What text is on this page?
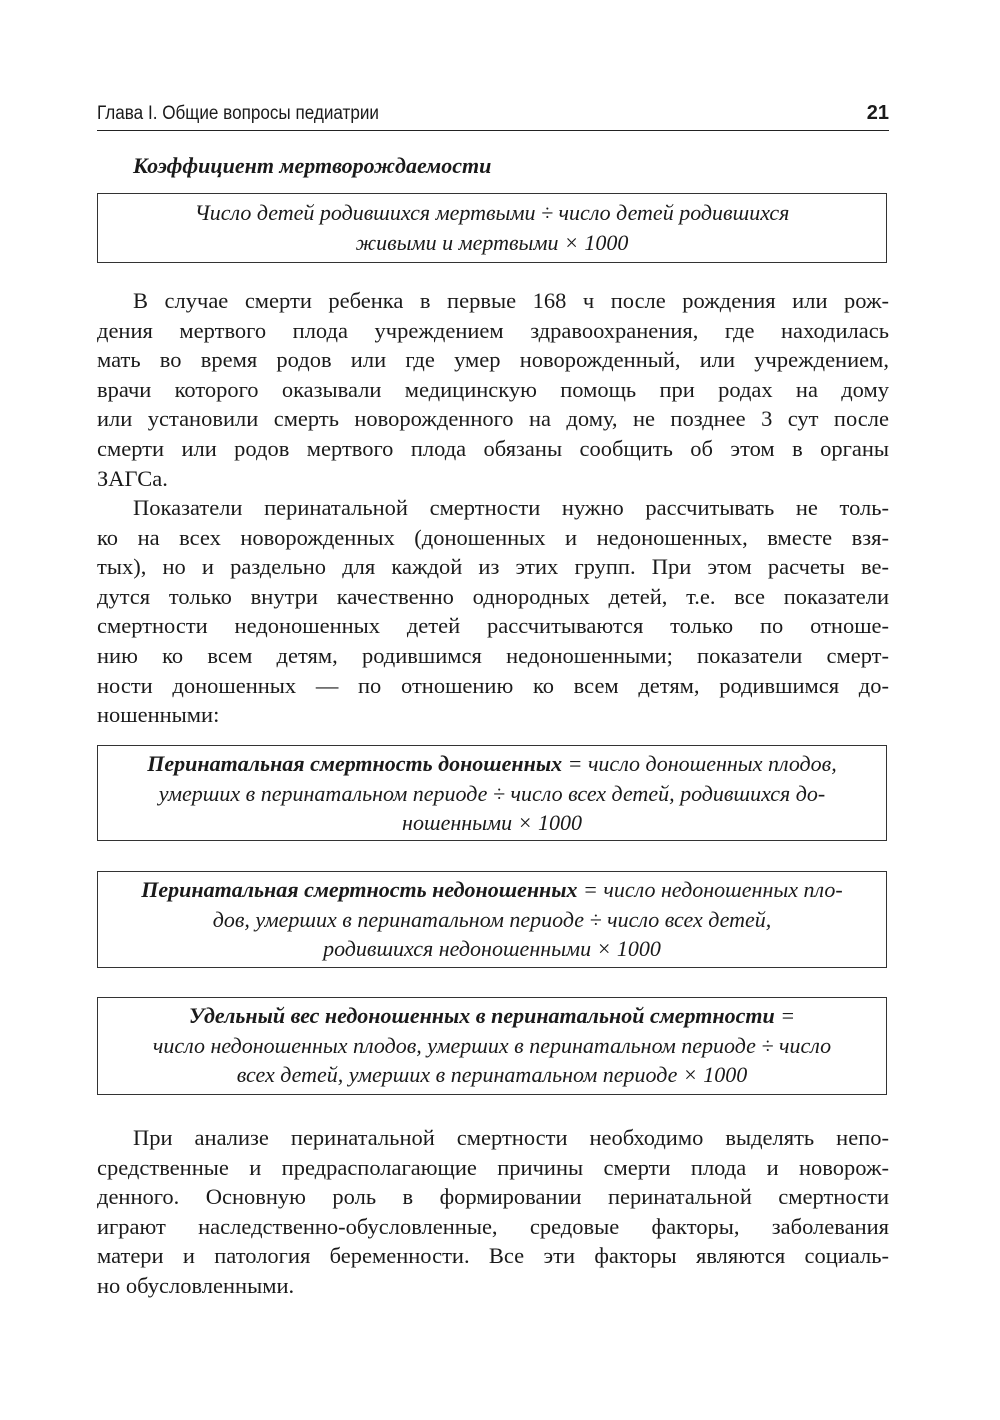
Глава I. Общие вопросы педиатрии	21
Коэффициент мертворождаемости
Число детей родившихся мертвыми ÷ число детей родившихся
живыми и мертвыми × 1000
В случае смерти ребенка в первые 168 ч после рождения или рож-
дения мертвого плода учреждением здравоохранения, где находилась
мать во время родов или где умер новорожденный, или учреждением,
врачи которого оказывали медицинскую помощь при родах на дому
или установили смерть новорожденного на дому, не позднее 3 сут после
смерти или родов мертвого плода обязаны сообщить об этом в органы
ЗАГСа.
Показатели перинатальной смертности нужно рассчитывать не толь-
ко на всех новорожденных (доношенных и недоношенных, вместе взя-
тых), но и раздельно для каждой из этих групп. При этом расчеты ве-
дутся только внутри качественно однородных детей, т.е. все показатели
смертности недоношенных детей рассчитываются только по отноше-
нию ко всем детям, родившимся недоношенными; показатели смерт-
ности доношенных — по отношению ко всем детям, родившимся до-
ношенными:
Перинатальная смертность доношенных = число доношенных плодов,
умерших в перинатальном периоде ÷ число всех детей, родившихся до-
ношенными × 1000
Перинатальная смертность недоношенных = число недоношенных пло-
дов, умерших в перинатальном периоде ÷ число всех детей,
родившихся недоношенными × 1000
Удельный вес недоношенных в перинатальной смертности =
число недоношенных плодов, умерших в перинатальном периоде ÷ число
всех детей, умерших в перинатальном периоде × 1000
При анализе перинатальной смертности необходимо выделять непо-
средственные и предрасполагающие причины смерти плода и новорож-
денного. Основную роль в формировании перинатальной смертности
играют наследственно-обусловленные, средовые факторы, заболевания
матери и патология беременности. Все эти факторы являются социаль-
но обусловленными.
